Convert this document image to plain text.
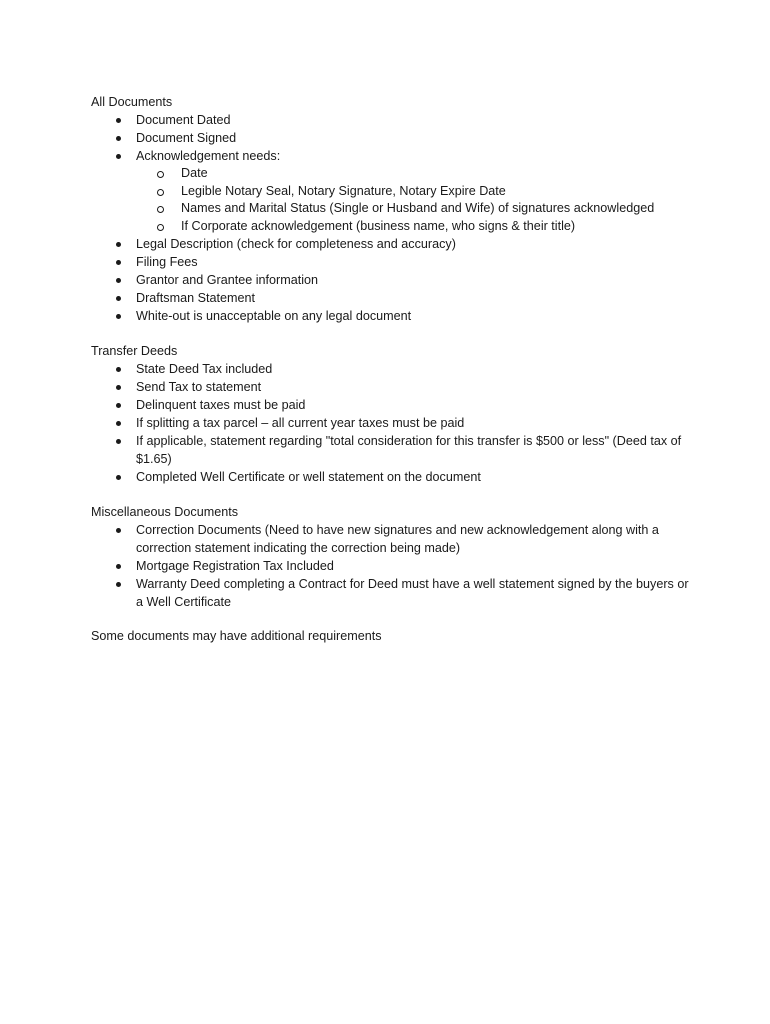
All Documents
Document Dated
Document Signed
Acknowledgement needs:
Date
Legible Notary Seal, Notary Signature, Notary Expire Date
Names and Marital Status (Single or Husband and Wife) of signatures acknowledged
If Corporate acknowledgement (business name, who signs & their title)
Legal Description (check for completeness and accuracy)
Filing Fees
Grantor and Grantee information
Draftsman Statement
White-out is unacceptable on any legal document
Transfer Deeds
State Deed Tax included
Send Tax to statement
Delinquent taxes must be paid
If splitting a tax parcel – all current year taxes must be paid
If applicable, statement regarding "total consideration for this transfer is $500 or less" (Deed tax of $1.65)
Completed Well Certificate or well statement on the document
Miscellaneous Documents
Correction Documents (Need to have new signatures and new acknowledgement along with a correction statement indicating the correction being made)
Mortgage Registration Tax Included
Warranty Deed completing a Contract for Deed must have a well statement signed by the buyers or a Well Certificate
Some documents may have additional requirements
